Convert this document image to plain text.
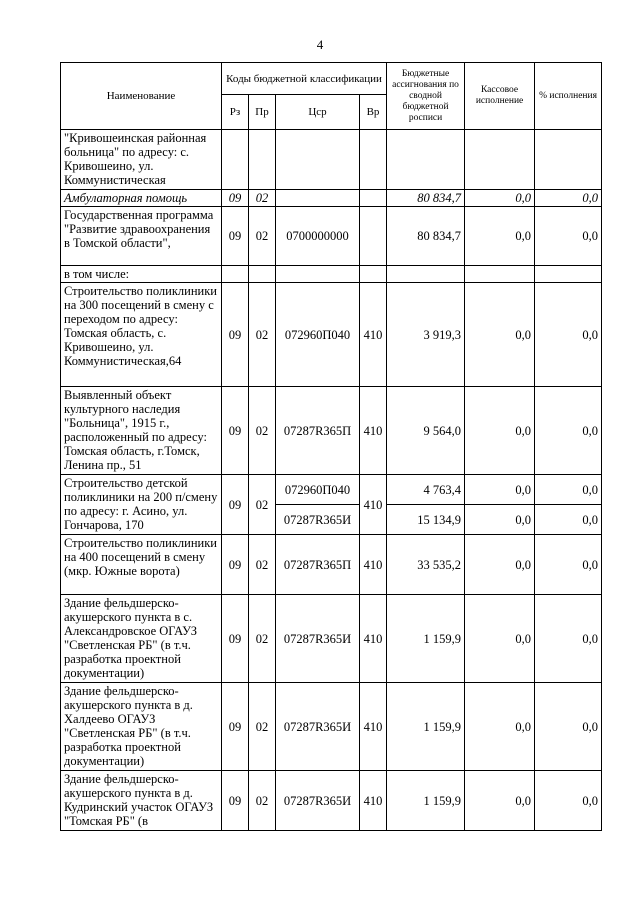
4
Наименование	Коды бюджетной классификации				Бюджетные ассигнования по сводной бюджетной росписи	Кассовое исполнение	% исполнения
	Рз	Пр	Цср	Вр			
"Кривошеинская районная больница" по адресу: с. Кривошеино, ул. Коммунистическая							
Амбулаторная помощь	09	02			80 834,7	0,0	0,0
Государственная программа "Развитие здравоохранения в Томской области",	09	02	0700000000		80 834,7	0,0	0,0
в том числе:							
Строительство поликлиники на 300 посещений в смену с переходом по адресу: Томская область, с. Кривошеино, ул. Коммунистическая,64	09	02	072960П040	410	3 919,3	0,0	0,0
Выявленный объект культурного наследия "Больница", 1915 г., расположенный по адресу: Томская область, г.Томск, Ленина пр., 51	09	02	07287R365П	410	9 564,0	0,0	0,0
Строительство детской поликлиники на 200 п/смену по адресу: г. Асино, ул. Гончарова, 170	09	02	072960П040	410	4 763,4	0,0	0,0
			07287R365И		15 134,9	0,0	0,0
Строительство поликлиники на 400 посещений в смену (мкр. Южные ворота)	09	02	07287R365П	410	33 535,2	0,0	0,0
Здание фельдшерско-акушерского пункта в с. Александровское ОГАУЗ "Светленская РБ" (в т.ч. разработка проектной документации)	09	02	07287R365И	410	1 159,9	0,0	0,0
Здание фельдшерско-акушерского пункта в д. Халдеево ОГАУЗ "Светленская РБ" (в т.ч. разработка проектной документации)	09	02	07287R365И	410	1 159,9	0,0	0,0
Здание фельдшерско-акушерского пункта в д. Кудринский участок ОГАУЗ "Томская РБ" (в	09	02	07287R365И	410	1 159,9	0,0	0,0
